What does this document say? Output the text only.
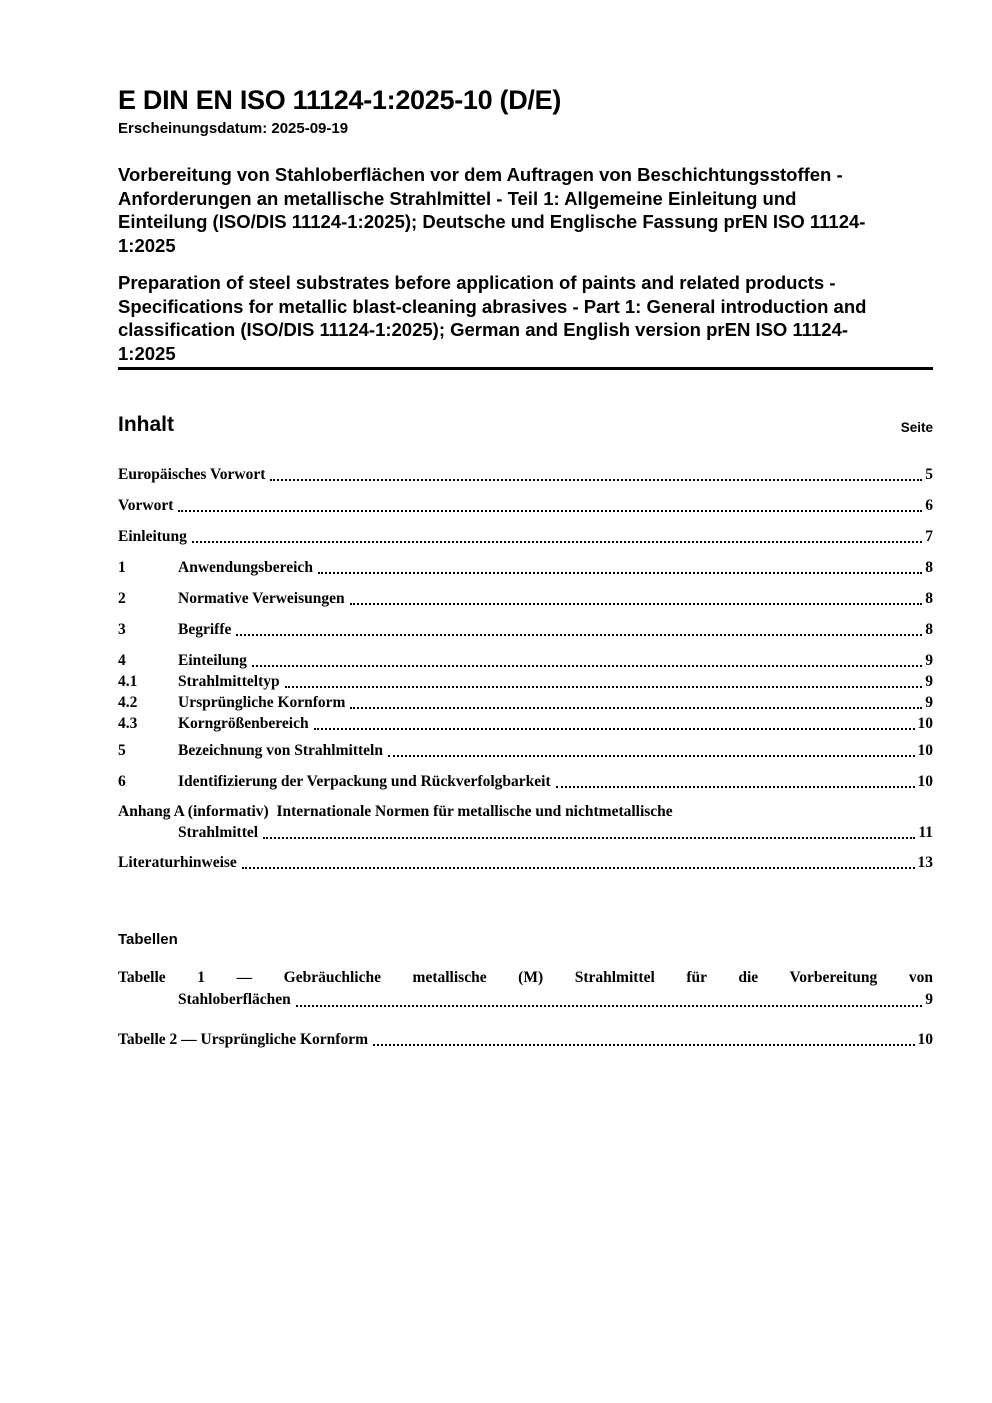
E DIN EN ISO 11124-1:2025-10 (D/E)
Erscheinungsdatum: 2025-09-19
Vorbereitung von Stahloberflächen vor dem Auftragen von Beschichtungsstoffen -
Anforderungen an metallische Strahlmittel - Teil 1: Allgemeine Einleitung und
Einteilung (ISO/DIS 11124-1:2025); Deutsche und Englische Fassung prEN ISO 11124-
1:2025
Preparation of steel substrates before application of paints and related products -
Specifications for metallic blast-cleaning abrasives - Part 1: General introduction and
classification (ISO/DIS 11124-1:2025); German and English version prEN ISO 11124-
1:2025
Inhalt	Seite
Europäisches Vorwort	5
Vorwort	6
Einleitung	7
1	Anwendungsbereich	8
2	Normative Verweisungen	8
3	Begriffe	8
4	Einteilung	9
4.1	Strahlmitteltyp	9
4.2	Ursprüngliche Kornform	9
4.3	Korngrößenbereich	10
5	Bezeichnung von Strahlmitteln	10
6	Identifizierung der Verpackung und Rückverfolgbarkeit	10
Anhang A (informativ)  Internationale Normen für metallische und nichtmetallische
Strahlmittel	11
Literaturhinweise	13
Tabellen
Tabelle 1 — Gebräuchliche metallische (M) Strahlmittel für die Vorbereitung von
Stahloberflächen	9
Tabelle 2 — Ursprüngliche Kornform	10
